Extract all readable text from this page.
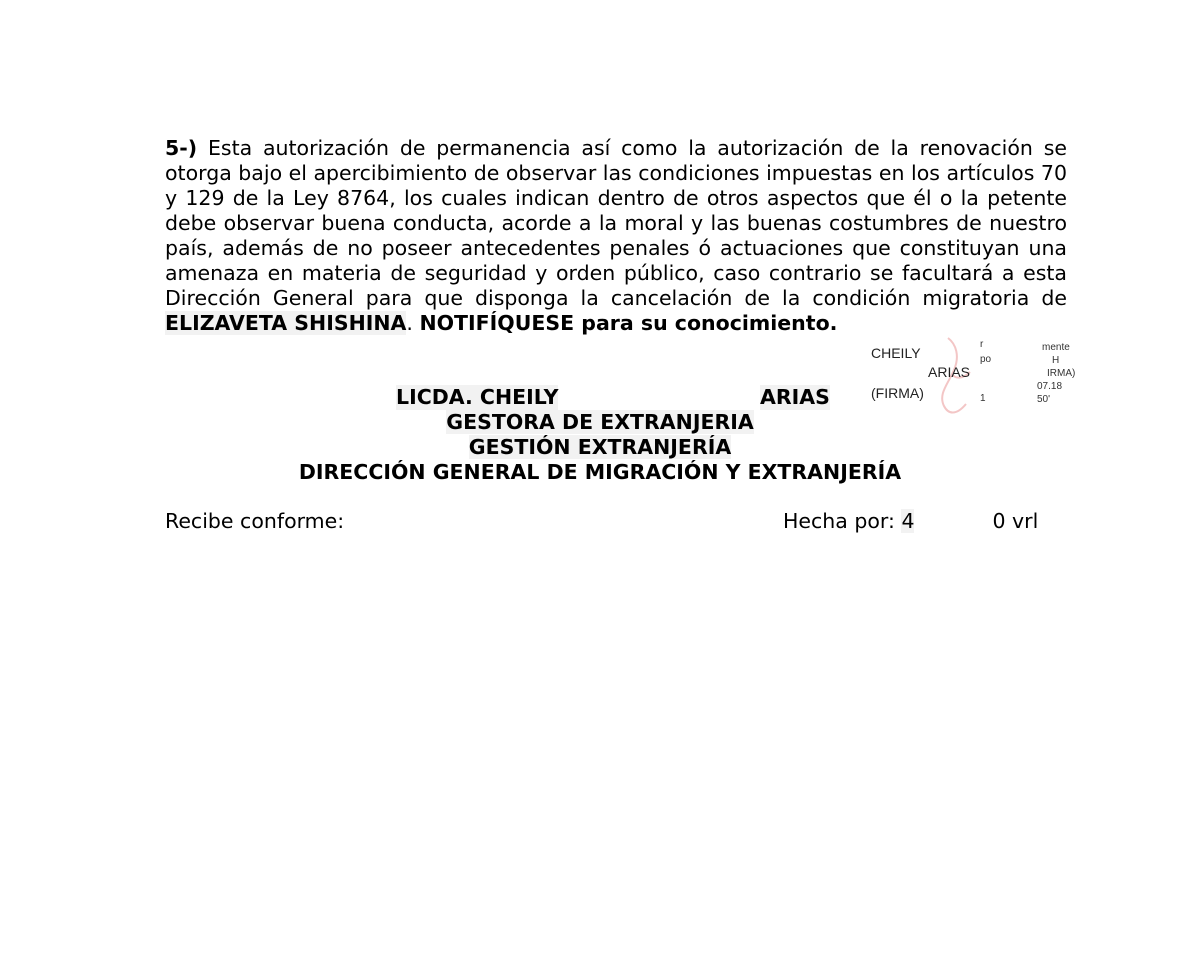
5-) Esta autorización de permanencia así como la autorización de la renovación se otorga bajo el apercibimiento de observar las condiciones impuestas en los artículos 70 y 129 de la Ley 8764, los cuales indican dentro de otros aspectos que él o la petente debe observar buena conducta, acorde a la moral y las buenas costumbres de nuestro país, además de no poseer antecedentes penales ó actuaciones que constituyan una amenaza en materia de seguridad y orden público, caso contrario se facultará a esta Dirección General para que disponga la cancelación de la condición migratoria de ELIZAVETA SHISHINA. NOTIFÍQUESE para su conocimiento.

CHEILY
ARIAS
(FIRMA)
r
po
1
mente
H
IRMA)
07.18
50'
LICDA. CHEILY	ARIAS
GESTORA DE EXTRANJERIA
GESTIÓN EXTRANJERÍA
DIRECCIÓN GENERAL DE MIGRACIÓN Y EXTRANJERÍA
Recibe conforme:	Hecha por: 4	0 vrl
